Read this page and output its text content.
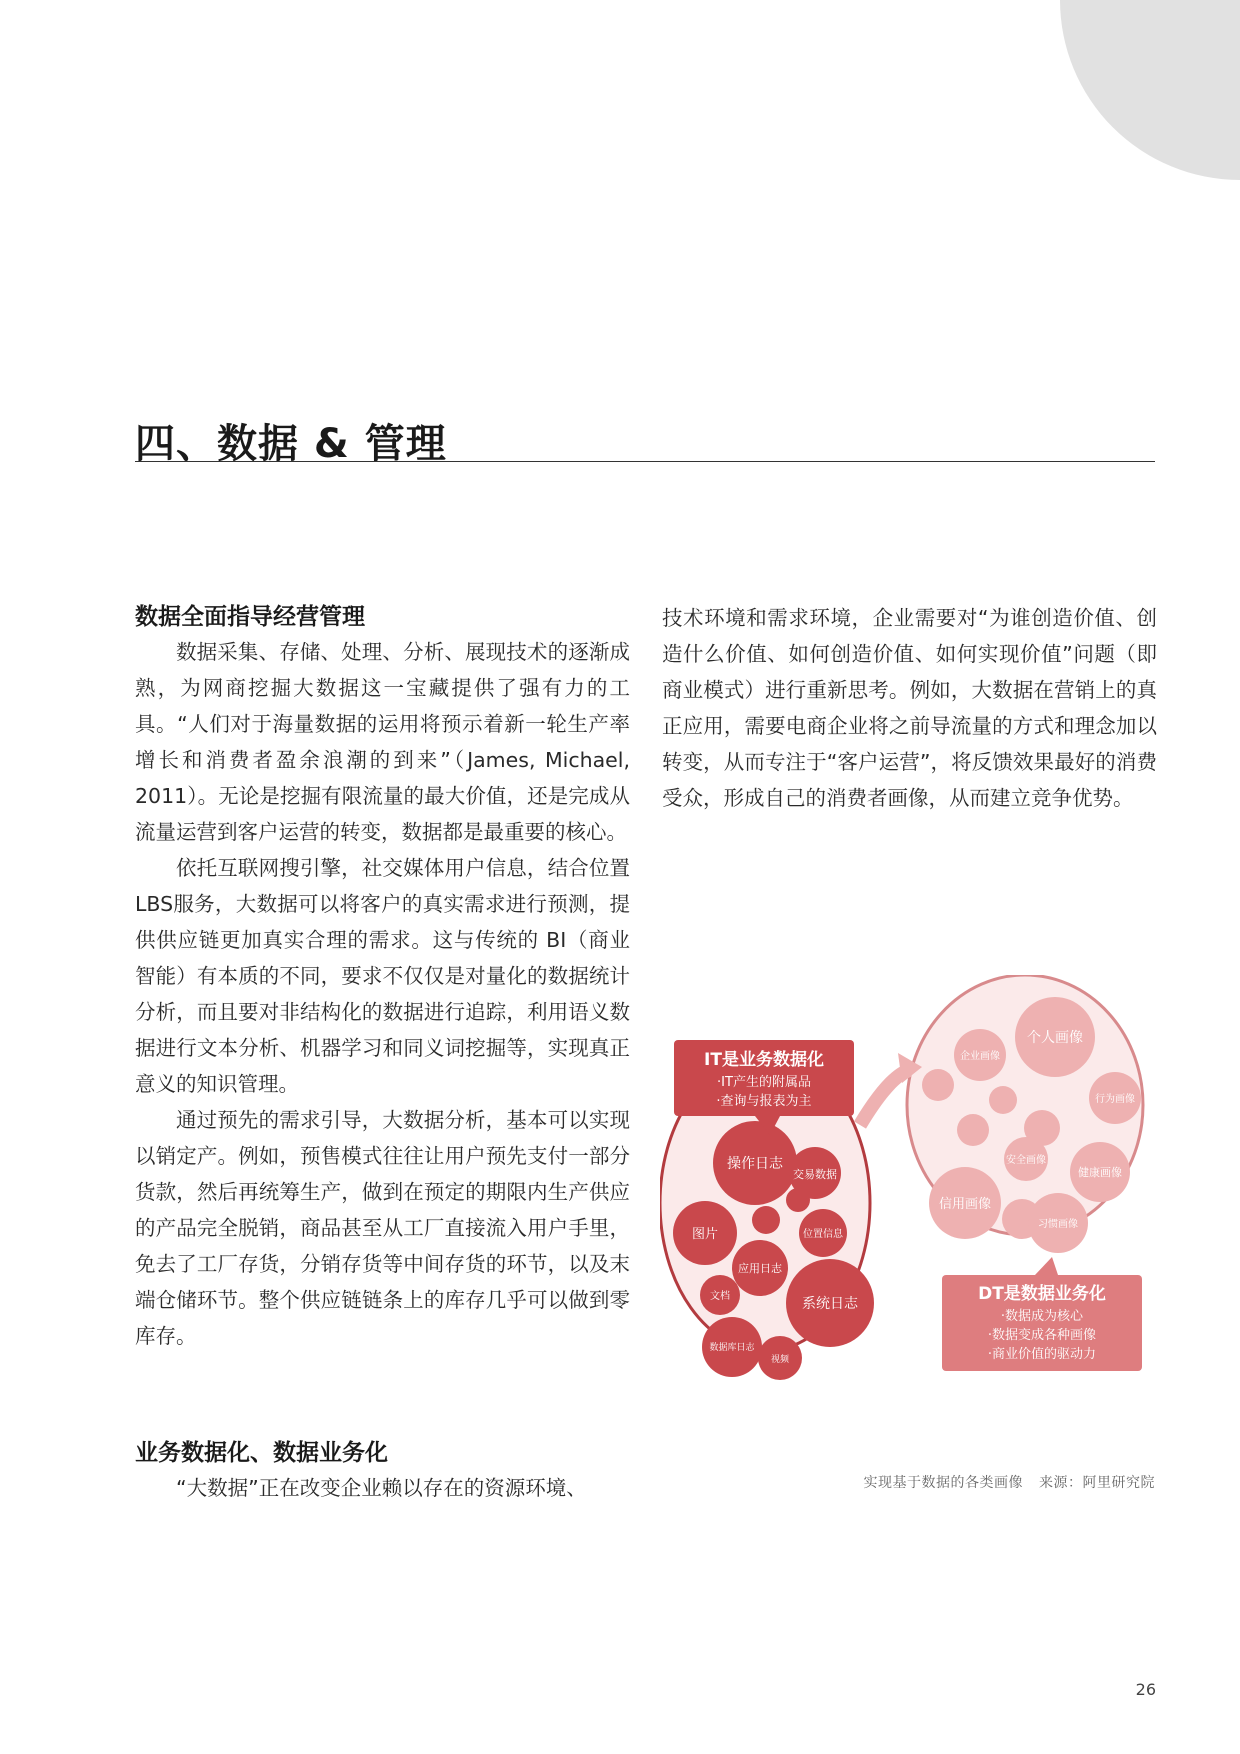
四、数据 & 管理
数据全面指导经营管理

数据采集、存储、处理、分析、展现技术的逐渐成熟，为网商挖掘大数据这一宝藏提供了强有力的工具。“人们对于海量数据的运用将预示着新一轮生产率增长和消费者盈余浪潮的到来”（James, Michael, 2011）。无论是挖掘有限流量的最大价值，还是完成从流量运营到客户运营的转变，数据都是最重要的核心。

依托互联网搜引擎，社交媒体用户信息，结合位置LBS服务，大数据可以将客户的真实需求进行预测，提供供应链更加真实合理的需求。这与传统的 BI（商业智能）有本质的不同，要求不仅仅是对量化的数据统计分析，而且要对非结构化的数据进行追踪，利用语义数据进行文本分析、机器学习和同义词挖掘等，实现真正意义的知识管理。

通过预先的需求引导，大数据分析，基本可以实现以销定产。例如，预售模式往往让用户预先支付一部分货款，然后再统筹生产，做到在预定的期限内生产供应的产品完全脱销，商品甚至从工厂直接流入用户手里，免去了工厂存货，分销存货等中间存货的环节，以及末端仓储环节。整个供应链链条上的库存几乎可以做到零库存。

业务数据化、数据业务化

“大数据”正在改变企业赖以存在的资源环境、

技术环境和需求环境，企业需要对“为谁创造价值、创造什么价值、如何创造价值、如何实现价值”问题（即商业模式）进行重新思考。例如，大数据在营销上的真正应用，需要电商企业将之前导流量的方式和理念加以转变，从而专注于“客户运营”，将反馈效果最好的消费受众，形成自己的消费者画像，从而建立竞争优势。

操作日志
交易数据
图片	位置信息
应用日志
文档	系统日志
数据库日志
视频
个人画像
企业画像
行为画像
安全画像
信用画像
健康画像
习惯画像
IT是业务数据化
·IT产生的附属品
·查询与报表为主
DT是数据业务化
·数据成为核心
·数据变成各种画像
·商业价值的驱动力
实现基于数据的各类画像 来源：阿里研究院
26
